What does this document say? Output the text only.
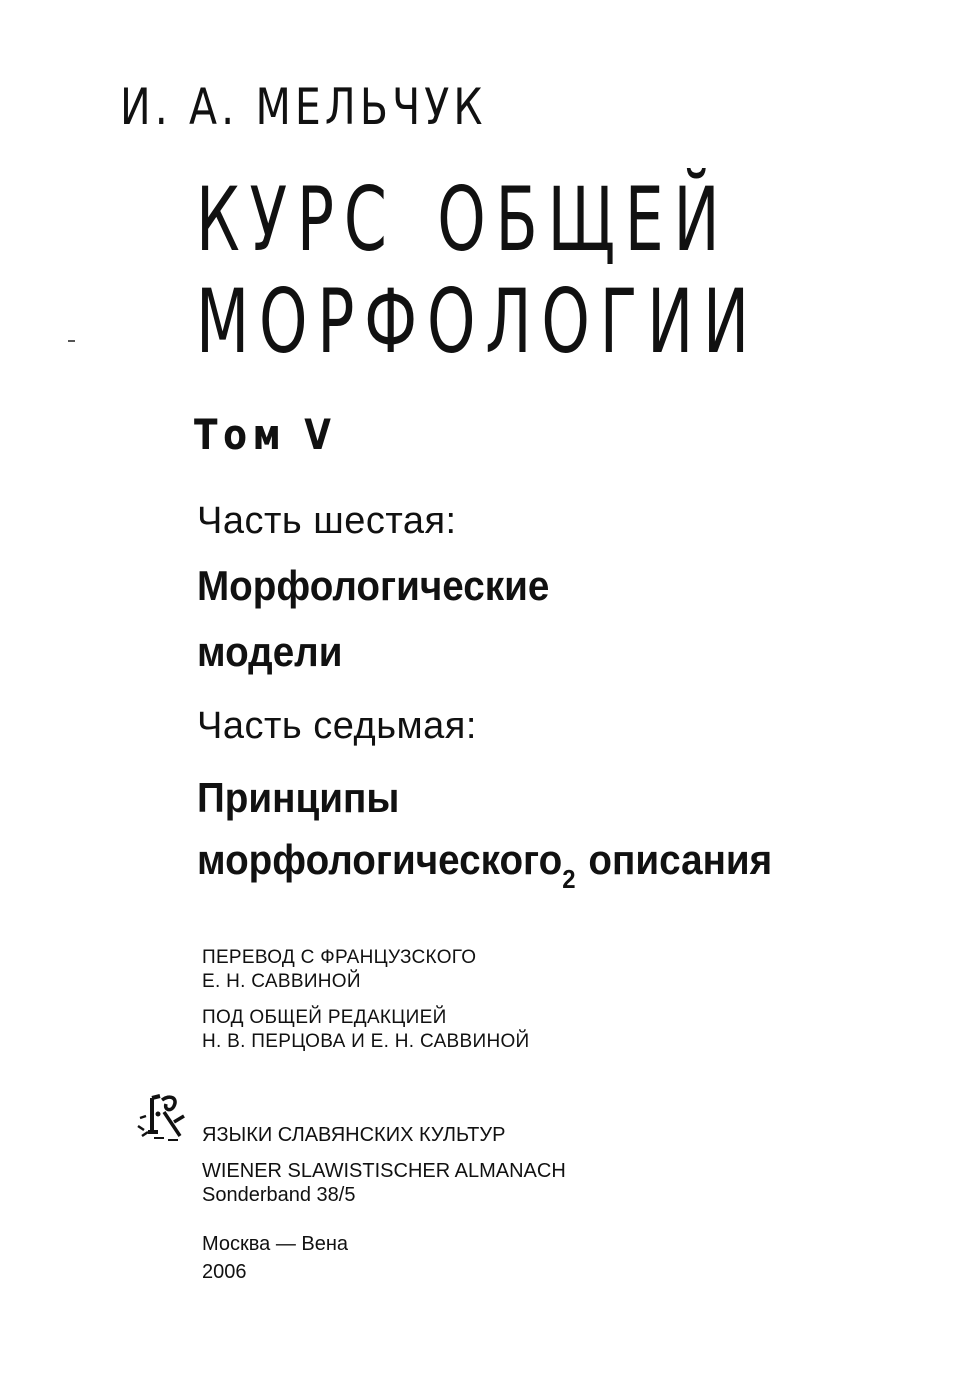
И. А. МЕЛЬЧУК
КУРС ОБЩЕЙ
МОРФОЛОГИИ
Том V
Часть шестая:
Морфологические
модели
Часть седьмая:
Принципы
морфологического$_2$ описания
ПЕРЕВОД С ФРАНЦУЗСКОГО
Е. Н. САВВИНОЙ
ПОД ОБЩЕЙ РЕДАКЦИЕЙ
Н. В. ПЕРЦОВА И Е. Н. САВВИНОЙ
ЯЗЫКИ СЛАВЯНСКИХ КУЛЬТУР
WIENER SLAWISTISCHER ALMANACH
Sonderband 38/5
Москва — Вена
2006
